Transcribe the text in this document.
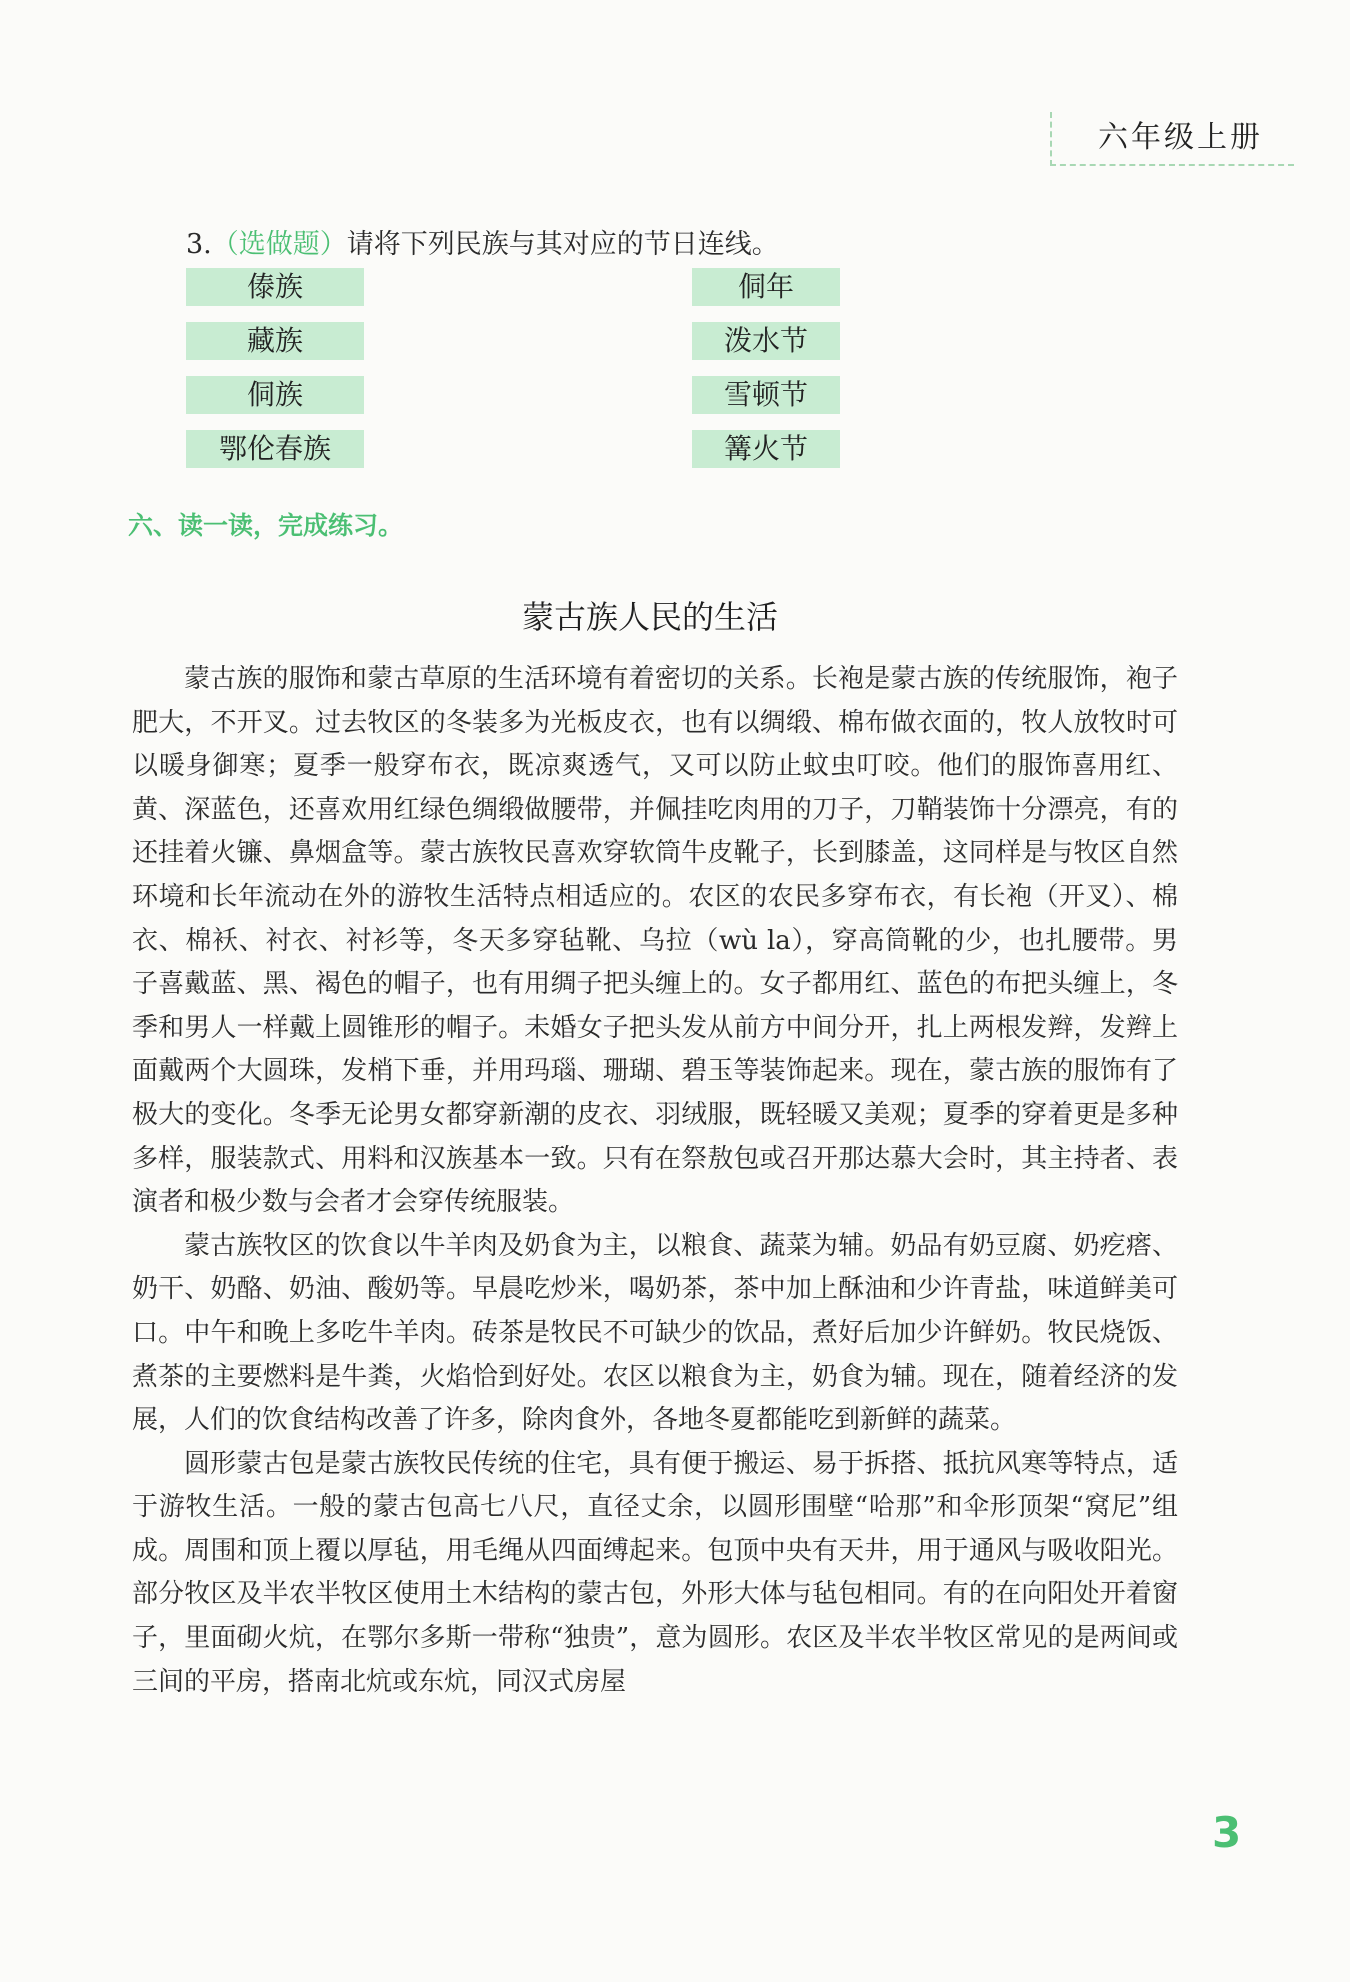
六年级上册
3.（选做题）请将下列民族与其对应的节日连线。
傣族
藏族
侗族
鄂伦春族
侗年
泼水节
雪顿节
篝火节
六、读一读，完成练习。
蒙古族人民的生活

蒙古族的服饰和蒙古草原的生活环境有着密切的关系。长袍是蒙古族的传统服饰，袍子肥大，不开叉。过去牧区的冬装多为光板皮衣，也有以绸缎、棉布做衣面的，牧人放牧时可以暖身御寒；夏季一般穿布衣，既凉爽透气，又可以防止蚊虫叮咬。他们的服饰喜用红、黄、深蓝色，还喜欢用红绿色绸缎做腰带，并佩挂吃肉用的刀子，刀鞘装饰十分漂亮，有的还挂着火镰、鼻烟盒等。蒙古族牧民喜欢穿软筒牛皮靴子，长到膝盖，这同样是与牧区自然环境和长年流动在外的游牧生活特点相适应的。农区的农民多穿布衣，有长袍（开叉）、棉衣、棉袄、衬衣、衬衫等，冬天多穿毡靴、乌拉（wù la），穿高筒靴的少，也扎腰带。男子喜戴蓝、黑、褐色的帽子，也有用绸子把头缠上的。女子都用红、蓝色的布把头缠上，冬季和男人一样戴上圆锥形的帽子。未婚女子把头发从前方中间分开，扎上两根发辫，发辫上面戴两个大圆珠，发梢下垂，并用玛瑙、珊瑚、碧玉等装饰起来。现在，蒙古族的服饰有了极大的变化。冬季无论男女都穿新潮的皮衣、羽绒服，既轻暖又美观；夏季的穿着更是多种多样，服装款式、用料和汉族基本一致。只有在祭敖包或召开那达慕大会时，其主持者、表演者和极少数与会者才会穿传统服装。

蒙古族牧区的饮食以牛羊肉及奶食为主，以粮食、蔬菜为辅。奶品有奶豆腐、奶疙瘩、奶干、奶酪、奶油、酸奶等。早晨吃炒米，喝奶茶，茶中加上酥油和少许青盐，味道鲜美可口。中午和晚上多吃牛羊肉。砖茶是牧民不可缺少的饮品，煮好后加少许鲜奶。牧民烧饭、煮茶的主要燃料是牛粪，火焰恰到好处。农区以粮食为主，奶食为辅。现在，随着经济的发展，人们的饮食结构改善了许多，除肉食外，各地冬夏都能吃到新鲜的蔬菜。

圆形蒙古包是蒙古族牧民传统的住宅，具有便于搬运、易于拆搭、抵抗风寒等特点，适于游牧生活。一般的蒙古包高七八尺，直径丈余，以圆形围壁“哈那”和伞形顶架“窝尼”组成。周围和顶上覆以厚毡，用毛绳从四面缚起来。包顶中央有天井，用于通风与吸收阳光。部分牧区及半农半牧区使用土木结构的蒙古包，外形大体与毡包相同。有的在向阳处开着窗子，里面砌火炕，在鄂尔多斯一带称“独贵”，意为圆形。农区及半农半牧区常见的是两间或三间的平房，搭南北炕或东炕，同汉式房屋

3
